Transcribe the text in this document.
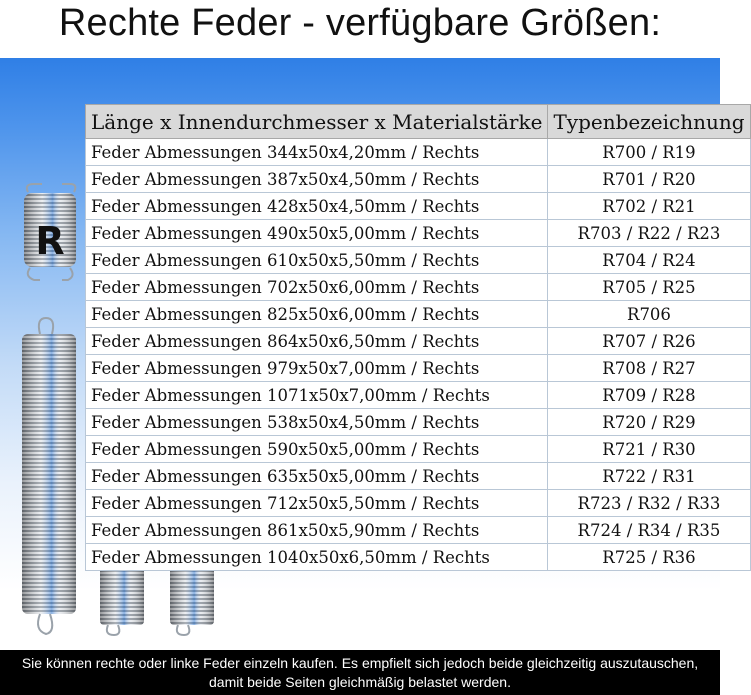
Rechte Feder - verfügbare Größen:
R
Länge x Innendurchmesser x Materialstärke	Typenbezeichnung
Feder Abmessungen 344x50x4,20mm / Rechts	R700 / R19
Feder Abmessungen 387x50x4,50mm / Rechts	R701 / R20
Feder Abmessungen 428x50x4,50mm / Rechts	R702 / R21
Feder Abmessungen 490x50x5,00mm / Rechts	R703 / R22 / R23
Feder Abmessungen 610x50x5,50mm / Rechts	R704 / R24
Feder Abmessungen 702x50x6,00mm / Rechts	R705 / R25
Feder Abmessungen 825x50x6,00mm / Rechts	R706
Feder Abmessungen 864x50x6,50mm / Rechts	R707 / R26
Feder Abmessungen 979x50x7,00mm / Rechts	R708 / R27
Feder Abmessungen 1071x50x7,00mm / Rechts	R709 / R28
Feder Abmessungen 538x50x4,50mm / Rechts	R720 / R29
Feder Abmessungen 590x50x5,00mm / Rechts	R721 / R30
Feder Abmessungen 635x50x5,00mm / Rechts	R722 / R31
Feder Abmessungen 712x50x5,50mm / Rechts	R723 / R32 / R33
Feder Abmessungen 861x50x5,90mm / Rechts	R724 / R34 / R35
Feder Abmessungen 1040x50x6,50mm / Rechts	R725 / R36
Sie können rechte oder linke Feder einzeln kaufen. Es empfielt sich jedoch beide gleichzeitig auszutauschen,
damit beide Seiten gleichmäßig belastet werden.
